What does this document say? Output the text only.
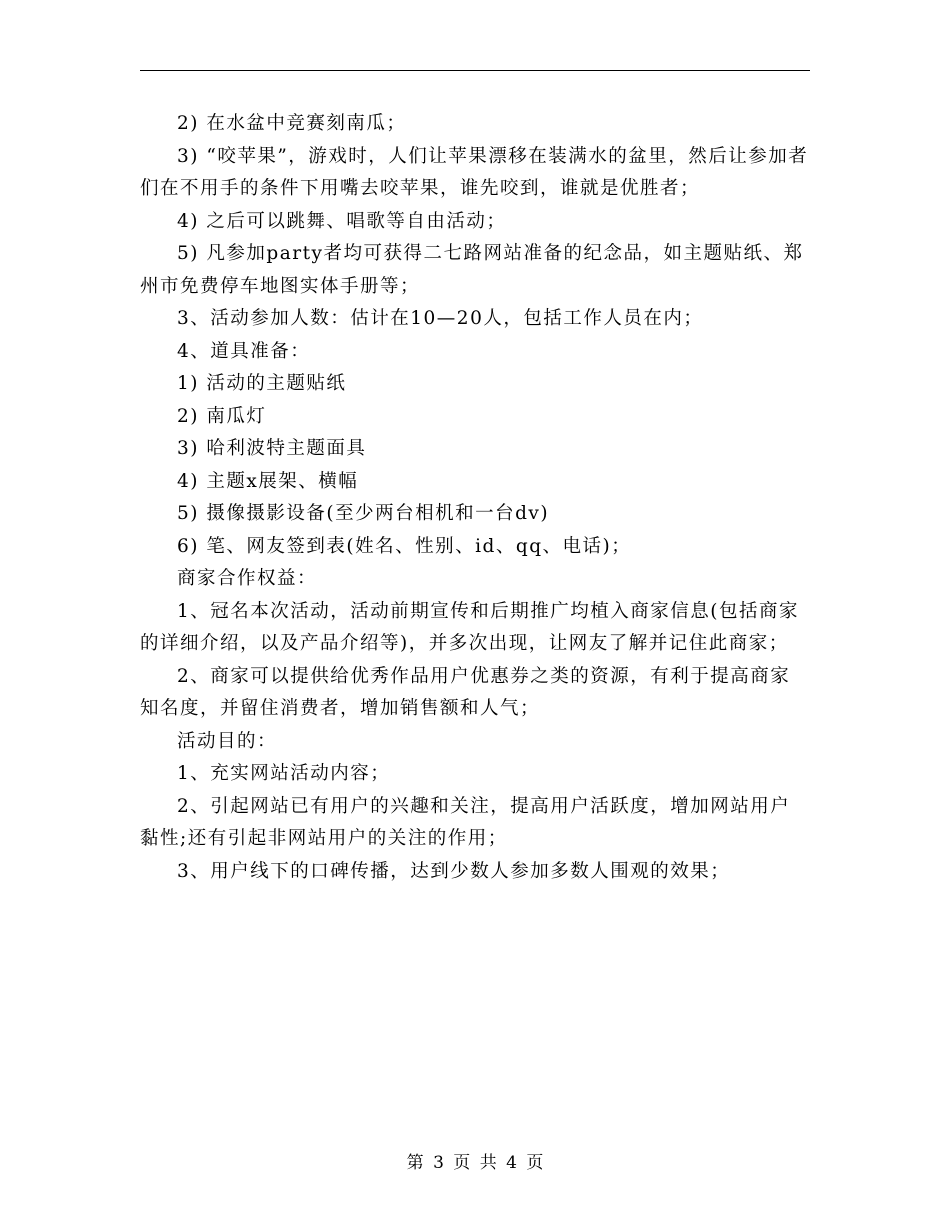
2) 在水盆中竞赛刻南瓜；

3) “咬苹果”，游戏时，人们让苹果漂移在装满水的盆里，然后让参加者们在不用手的条件下用嘴去咬苹果，谁先咬到，谁就是优胜者；

4) 之后可以跳舞、唱歌等自由活动；

5) 凡参加party者均可获得二七路网站准备的纪念品，如主题贴纸、郑州市免费停车地图实体手册等；

3、活动参加人数：估计在10—20人，包括工作人员在内；

4、道具准备：

1) 活动的主题贴纸

2) 南瓜灯

3) 哈利波特主题面具

4) 主题x展架、横幅

5) 摄像摄影设备(至少两台相机和一台dv)

6) 笔、网友签到表(姓名、性别、id、qq、电话)；

商家合作权益：

1、冠名本次活动，活动前期宣传和后期推广均植入商家信息(包括商家的详细介绍，以及产品介绍等)，并多次出现，让网友了解并记住此商家；

2、商家可以提供给优秀作品用户优惠券之类的资源，有利于提高商家知名度，并留住消费者，增加销售额和人气；

活动目的：

1、充实网站活动内容；

2、引起网站已有用户的兴趣和关注，提高用户活跃度，增加网站用户黏性;还有引起非网站用户的关注的作用；

3、用户线下的口碑传播，达到少数人参加多数人围观的效果；

第 3 页 共 4 页
